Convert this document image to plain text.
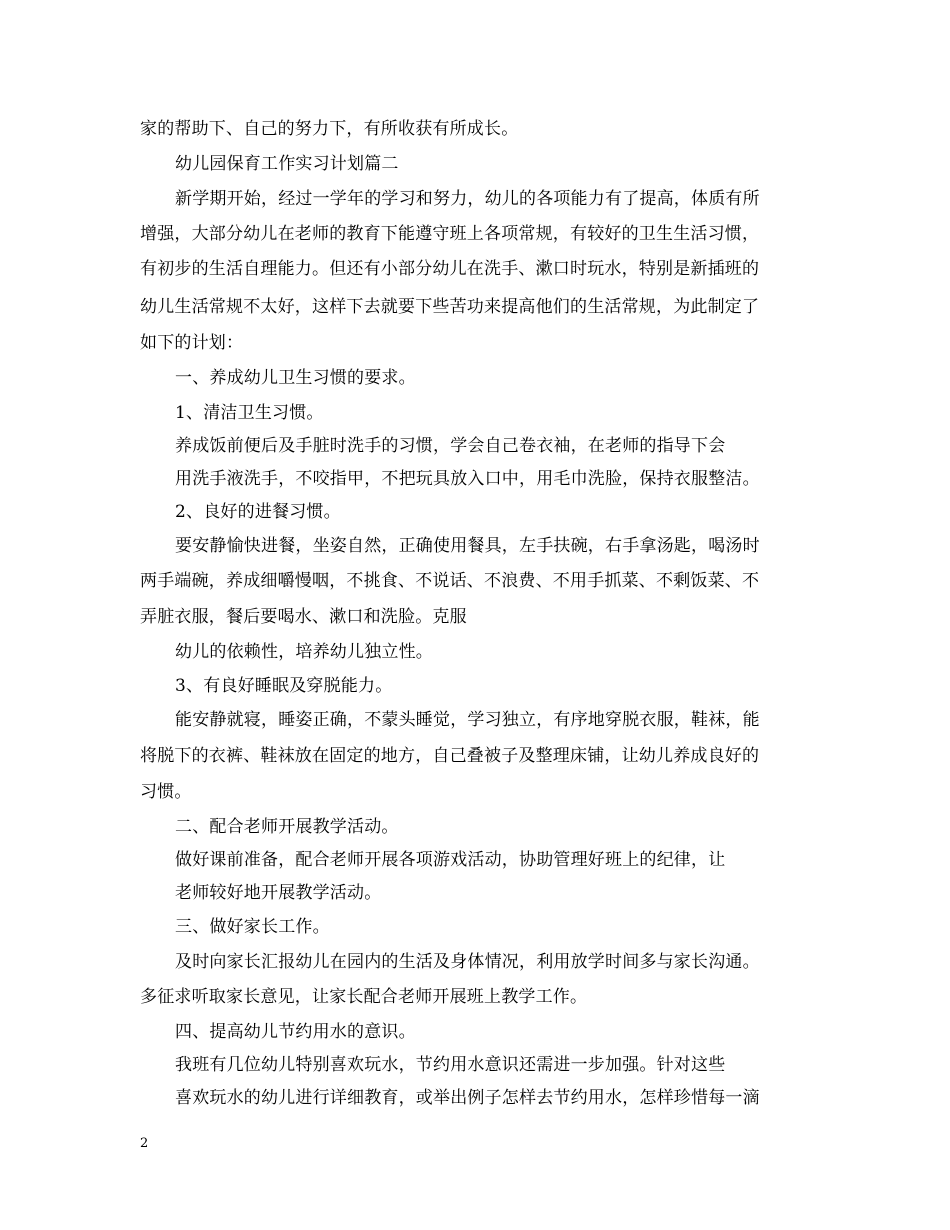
家的帮助下、自己的努力下，有所收获有所成长。
幼儿园保育工作实习计划篇二
新学期开始，经过一学年的学习和努力，幼儿的各项能力有了提高，体质有所
增强，大部分幼儿在老师的教育下能遵守班上各项常规，有较好的卫生生活习惯，
有初步的生活自理能力。但还有小部分幼儿在洗手、漱口时玩水，特别是新插班的
幼儿生活常规不太好，这样下去就要下些苦功来提高他们的生活常规，为此制定了
如下的计划：
一、养成幼儿卫生习惯的要求。
1、清洁卫生习惯。
养成饭前便后及手脏时洗手的习惯，学会自己卷衣袖，在老师的指导下会
用洗手液洗手，不咬指甲，不把玩具放入口中，用毛巾洗脸，保持衣服整洁。
2、良好的进餐习惯。
要安静愉快进餐，坐姿自然，正确使用餐具，左手扶碗，右手拿汤匙，喝汤时
两手端碗，养成细嚼慢咽，不挑食、不说话、不浪费、不用手抓菜、不剩饭菜、不
弄脏衣服，餐后要喝水、漱口和洗脸。克服
幼儿的依赖性，培养幼儿独立性。
3、有良好睡眠及穿脱能力。
能安静就寝，睡姿正确，不蒙头睡觉，学习独立，有序地穿脱衣服，鞋袜，能
将脱下的衣裤、鞋袜放在固定的地方，自己叠被子及整理床铺，让幼儿养成良好的
习惯。
二、配合老师开展教学活动。
做好课前准备，配合老师开展各项游戏活动，协助管理好班上的纪律，让
老师较好地开展教学活动。
三、做好家长工作。
及时向家长汇报幼儿在园内的生活及身体情况，利用放学时间多与家长沟通。
多征求听取家长意见，让家长配合老师开展班上教学工作。
四、提高幼儿节约用水的意识。
我班有几位幼儿特别喜欢玩水，节约用水意识还需进一步加强。针对这些
喜欢玩水的幼儿进行详细教育，或举出例子怎样去节约用水，怎样珍惜每一滴
2
